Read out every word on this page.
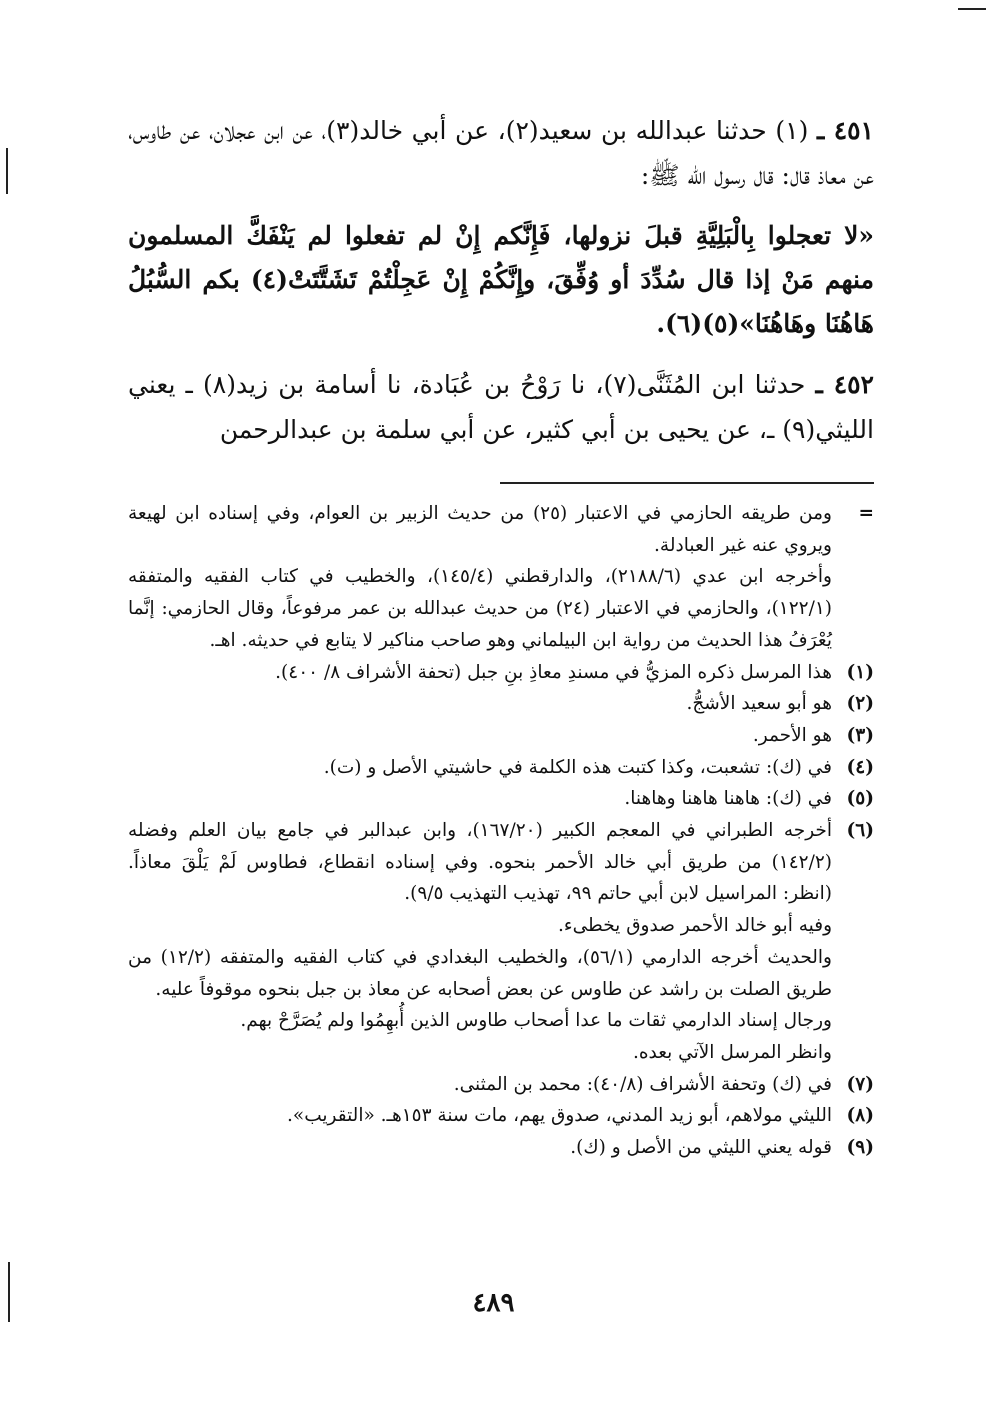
٤٥١ ـ (١) حدثنا عبدالله بن سعيد(٢)، عن أبي خالد(٣)، عن ابن عجلان، عن طاوس، عن معاذ قال: قال رسول الله ﷺ:

«لا تعجلوا بِالْبَلِيَّةِ قبلَ نزولها، فَإِنَّكم إِنْ لم تفعلوا لم يَنْفَكَّ المسلمون منهم مَنْ إذا قال سُدِّدَ أو وُفِّقَ، وإِنَّكُمْ إِنْ عَجِلْتُمْ تَشَتَّتَتْ(٤) بكم السُّبُلُ هَاهُنَا وهَاهُنَا»(٥)(٦).

٤٥٢ ـ حدثنا ابن المُثَنَّى(٧)، نا رَوْحُ بن عُبَادة، نا أسامة بن زيد(٨) ـ يعني الليثي(٩) ـ، عن يحيى بن أبي كثير، عن أبي سلمة بن عبدالرحمن

=
ومن طريقه الحازمي في الاعتبار (٢٥) من حديث الزبير بن العوام، وفي إسناده ابن لهيعة ويروي عنه غير العبادلة.
وأخرجه ابن عدي (٢١٨٨/٦)، والدارقطني (١٤٥/٤)، والخطيب في كتاب الفقيه والمتفقه (١٢٢/١)، والحازمي في الاعتبار (٢٤) من حديث عبدالله بن عمر مرفوعاً، وقال الحازمي: إنَّما يُعْرَفُ هذا الحديث من رواية ابن البيلماني وهو صاحب مناكير لا يتابع في حديثه. اهـ.
(١)
هذا المرسل ذكره المزيُّ في مسندِ معاذِ بنِ جبل (تحفة الأشراف ٨/ ٤٠٠).
(٢)
هو أبو سعيد الأشجُّ.
(٣)
هو الأحمر.
(٤)
في (ك): تشعبت، وكذا كتبت هذه الكلمة في حاشيتي الأصل و (ت).
(٥)
في (ك): هاهنا هاهنا وهاهنا.
(٦)
أخرجه الطبراني في المعجم الكبير (١٦٧/٢٠)، وابن عبدالبر في جامع بيان العلم وفضله (١٤٢/٢) من طريق أبي خالد الأحمر بنحوه. وفي إسناده انقطاع، فطاوس لَمْ يَلْقَ معاذاً. (انظر: المراسيل لابن أبي حاتم ٩٩، تهذيب التهذيب ٩/٥).
وفيه أبو خالد الأحمر صدوق يخطىء.
والحديث أخرجه الدارمي (٥٦/١)، والخطيب البغدادي في كتاب الفقيه والمتفقه (١٢/٢) من طريق الصلت بن راشد عن طاوس عن بعض أصحابه عن معاذ بن جبل بنحوه موقوفاً عليه.
ورجال إسناد الدارمي ثقات ما عدا أصحاب طاوس الذين أُبهِمُوا ولم يُصَرَّحْ بهم.
وانظر المرسل الآتي بعده.
(٧)
في (ك) وتحفة الأشراف (٤٠/٨): محمد بن المثنى.
(٨)
الليثي مولاهم، أبو زيد المدني، صدوق يهم، مات سنة ١٥٣هـ. «التقريب».
(٩)
قوله يعني الليثي من الأصل و (ك).
٤٨٩
